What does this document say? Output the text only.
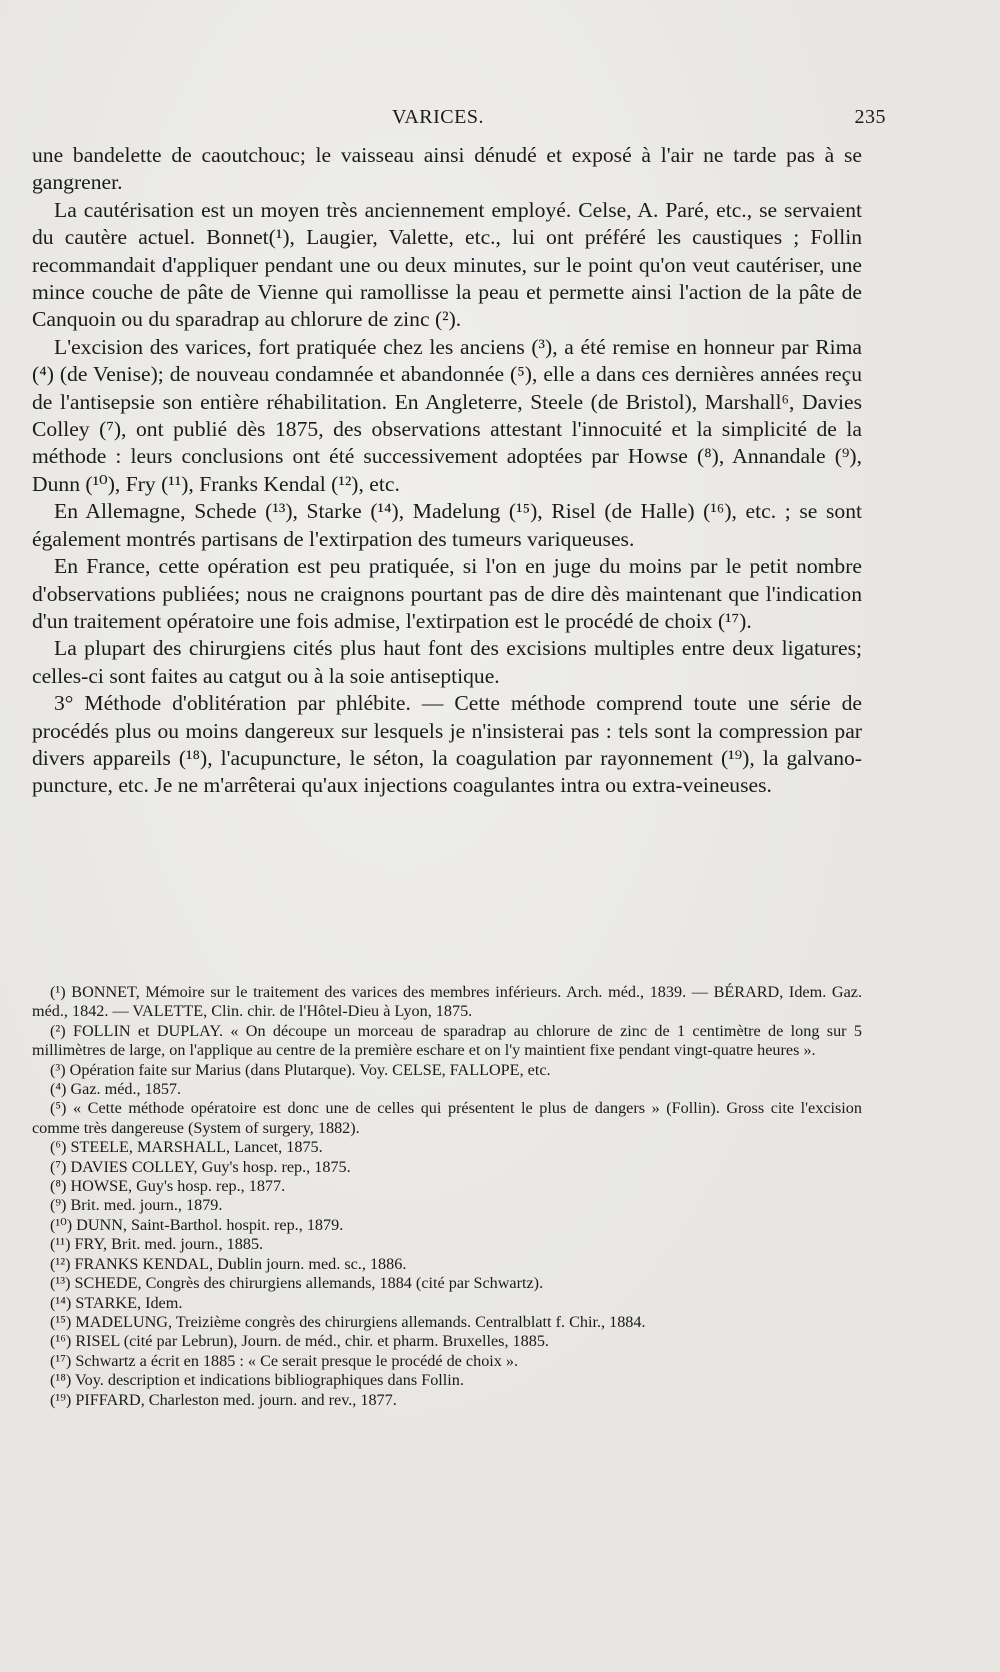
VARICES.	235

une bandelette de caoutchouc; le vaisseau ainsi dénudé et exposé à l'air ne tarde pas à se gangrener.

La cautérisation est un moyen très anciennement employé. Celse, A. Paré, etc., se servaient du cautère actuel. Bonnet(¹), Laugier, Valette, etc., lui ont préféré les caustiques ; Follin recommandait d'appliquer pendant une ou deux minutes, sur le point qu'on veut cautériser, une mince couche de pâte de Vienne qui ramollisse la peau et permette ainsi l'action de la pâte de Canquoin ou du sparadrap au chlorure de zinc (²).

L'excision des varices, fort pratiquée chez les anciens (³), a été remise en honneur par Rima (⁴) (de Venise); de nouveau condamnée et abandonnée (⁵), elle a dans ces dernières années reçu de l'antisepsie son entière réhabilitation. En Angleterre, Steele (de Bristol), Marshall⁶, Davies Colley (⁷), ont publié dès 1875, des observations attestant l'innocuité et la simplicité de la méthode : leurs conclusions ont été successivement adoptées par Howse (⁸), Annandale (⁹), Dunn (¹⁰), Fry (¹¹), Franks Kendal (¹²), etc.

En Allemagne, Schede (¹³), Starke (¹⁴), Madelung (¹⁵), Risel (de Halle) (¹⁶), etc. ; se sont également montrés partisans de l'extirpation des tumeurs variqueuses.

En France, cette opération est peu pratiquée, si l'on en juge du moins par le petit nombre d'observations publiées; nous ne craignons pourtant pas de dire dès maintenant que l'indication d'un traitement opératoire une fois admise, l'extirpation est le procédé de choix (¹⁷).

La plupart des chirurgiens cités plus haut font des excisions multiples entre deux ligatures; celles-ci sont faites au catgut ou à la soie antiseptique.

3° Méthode d'oblitération par phlébite. — Cette méthode comprend toute une série de procédés plus ou moins dangereux sur lesquels je n'insisterai pas : tels sont la compression par divers appareils (¹⁸), l'acupuncture, le séton, la coagulation par rayonnement (¹⁹), la galvano-puncture, etc. Je ne m'arrêterai qu'aux injections coagulantes intra ou extra-veineuses.

(¹) BONNET, Mémoire sur le traitement des varices des membres inférieurs. Arch. méd., 1839. — BÉRARD, Idem. Gaz. méd., 1842. — VALETTE, Clin. chir. de l'Hôtel-Dieu à Lyon, 1875.

(²) FOLLIN et DUPLAY. « On découpe un morceau de sparadrap au chlorure de zinc de 1 centimètre de long sur 5 millimètres de large, on l'applique au centre de la première eschare et on l'y maintient fixe pendant vingt-quatre heures ».

(³) Opération faite sur Marius (dans Plutarque). Voy. CELSE, FALLOPE, etc.

(⁴) Gaz. méd., 1857.

(⁵) « Cette méthode opératoire est donc une de celles qui présentent le plus de dangers » (Follin). Gross cite l'excision comme très dangereuse (System of surgery, 1882).

(⁶) STEELE, MARSHALL, Lancet, 1875.

(⁷) DAVIES COLLEY, Guy's hosp. rep., 1875.

(⁸) HOWSE, Guy's hosp. rep., 1877.

(⁹) Brit. med. journ., 1879.

(¹⁰) DUNN, Saint-Barthol. hospit. rep., 1879.

(¹¹) FRY, Brit. med. journ., 1885.

(¹²) FRANKS KENDAL, Dublin journ. med. sc., 1886.

(¹³) SCHEDE, Congrès des chirurgiens allemands, 1884 (cité par Schwartz).

(¹⁴) STARKE, Idem.

(¹⁵) MADELUNG, Treizième congrès des chirurgiens allemands. Centralblatt f. Chir., 1884.

(¹⁶) RISEL (cité par Lebrun), Journ. de méd., chir. et pharm. Bruxelles, 1885.

(¹⁷) Schwartz a écrit en 1885 : « Ce serait presque le procédé de choix ».

(¹⁸) Voy. description et indications bibliographiques dans Follin.

(¹⁹) PIFFARD, Charleston med. journ. and rev., 1877.
